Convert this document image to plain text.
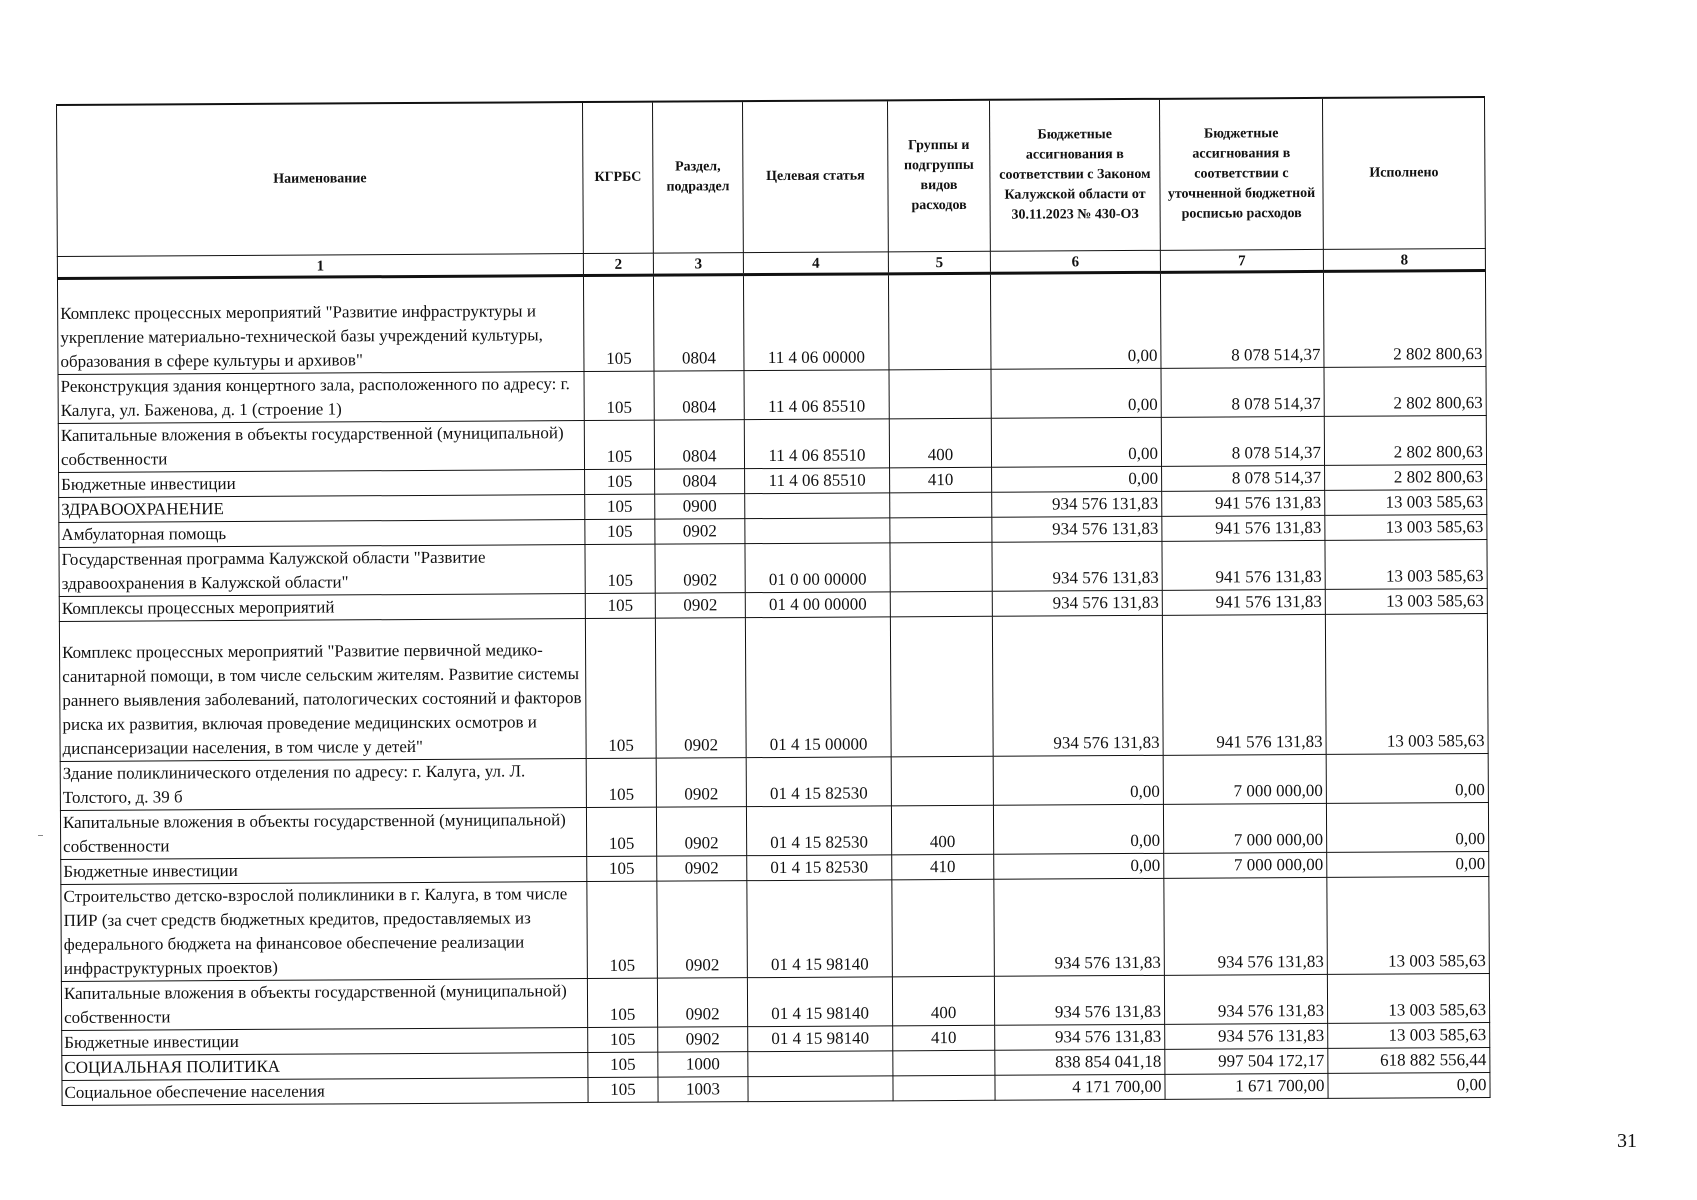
Наименование	КГРБС	Раздел, подраздел	Целевая статья	Группы и подгруппы видов расходов	Бюджетные ассигнования в соответствии с Законом Калужской области от 30.11.2023 № 430-ОЗ	Бюджетные ассигнования в соответствии с уточненной бюджетной росписью расходов	Исполнено
1	2	3	4	5	6	7	8
Комплекс процессных мероприятий "Развитие инфраструктуры и укрепление материально-технической базы учреждений культуры, образования в сфере культуры и архивов"	105	0804	11 4 06 00000		0,00	8 078 514,37	2 802 800,63
Реконструкция здания концертного зала, расположенного по адресу: г. Калуга, ул. Баженова, д. 1 (строение 1)	105	0804	11 4 06 85510		0,00	8 078 514,37	2 802 800,63
Капитальные вложения в объекты государственной (муниципальной) собственности	105	0804	11 4 06 85510	400	0,00	8 078 514,37	2 802 800,63
Бюджетные инвестиции	105	0804	11 4 06 85510	410	0,00	8 078 514,37	2 802 800,63
ЗДРАВООХРАНЕНИЕ	105	0900			934 576 131,83	941 576 131,83	13 003 585,63
Амбулаторная помощь	105	0902			934 576 131,83	941 576 131,83	13 003 585,63
Государственная программа Калужской области "Развитие здравоохранения в Калужской области"	105	0902	01 0 00 00000		934 576 131,83	941 576 131,83	13 003 585,63
Комплексы процессных мероприятий	105	0902	01 4 00 00000		934 576 131,83	941 576 131,83	13 003 585,63
Комплекс процессных мероприятий "Развитие первичной медико-санитарной помощи, в том числе сельским жителям. Развитие системы раннего выявления заболеваний, патологических состояний и факторов риска их развития, включая проведение медицинских осмотров и диспансеризации населения, в том числе у детей"	105	0902	01 4 15 00000		934 576 131,83	941 576 131,83	13 003 585,63
Здание поликлинического отделения по адресу: г. Калуга, ул. Л. Толстого, д. 39 б	105	0902	01 4 15 82530		0,00	7 000 000,00	0,00
Капитальные вложения в объекты государственной (муниципальной) собственности	105	0902	01 4 15 82530	400	0,00	7 000 000,00	0,00
Бюджетные инвестиции	105	0902	01 4 15 82530	410	0,00	7 000 000,00	0,00
Строительство детско-взрослой поликлиники в г. Калуга, в том числе ПИР (за счет средств бюджетных кредитов, предоставляемых из федерального бюджета на финансовое обеспечение реализации инфраструктурных проектов)	105	0902	01 4 15 98140		934 576 131,83	934 576 131,83	13 003 585,63
Капитальные вложения в объекты государственной (муниципальной) собственности	105	0902	01 4 15 98140	400	934 576 131,83	934 576 131,83	13 003 585,63
Бюджетные инвестиции	105	0902	01 4 15 98140	410	934 576 131,83	934 576 131,83	13 003 585,63
СОЦИАЛЬНАЯ ПОЛИТИКА	105	1000			838 854 041,18	997 504 172,17	618 882 556,44
Социальное обеспечение населения	105	1003			4 171 700,00	1 671 700,00	0,00
31
